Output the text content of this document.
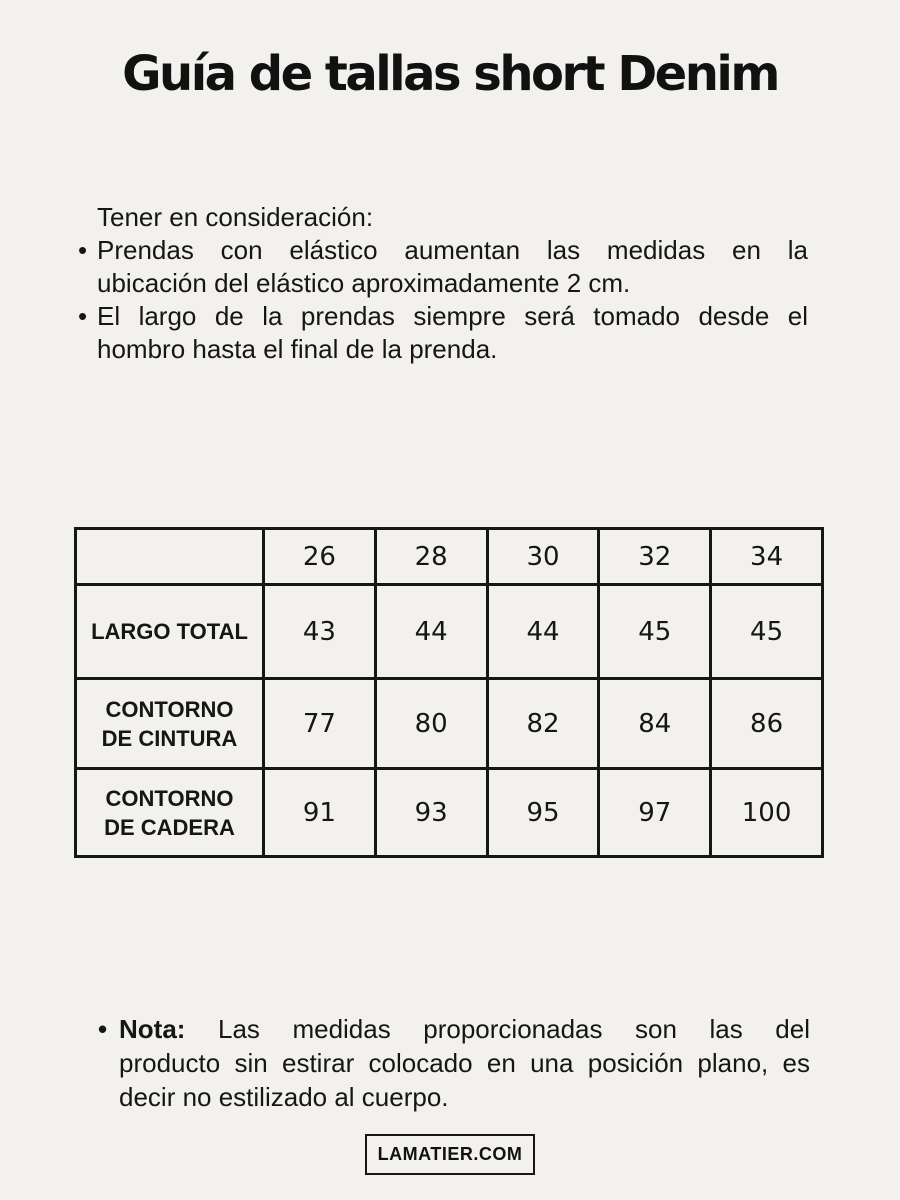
Guía de tallas short Denim
Tener en consideración:
• Prendas con elástico aumentan las medidas en la
ubicación del elástico aproximadamente 2 cm.
• El largo de la prendas siempre será tomado desde el
hombro hasta el final de la prenda.
	26	28	30	32	34
LARGO TOTAL	43	44	44	45	45
CONTORNO DE CINTURA	77	80	82	84	86
CONTORNO DE CADERA	91	93	95	97	100
• Nota: Las medidas proporcionadas son las del
producto sin estirar colocado en una posición plano, es
decir no estilizado al cuerpo.
LAMATIER.COM
